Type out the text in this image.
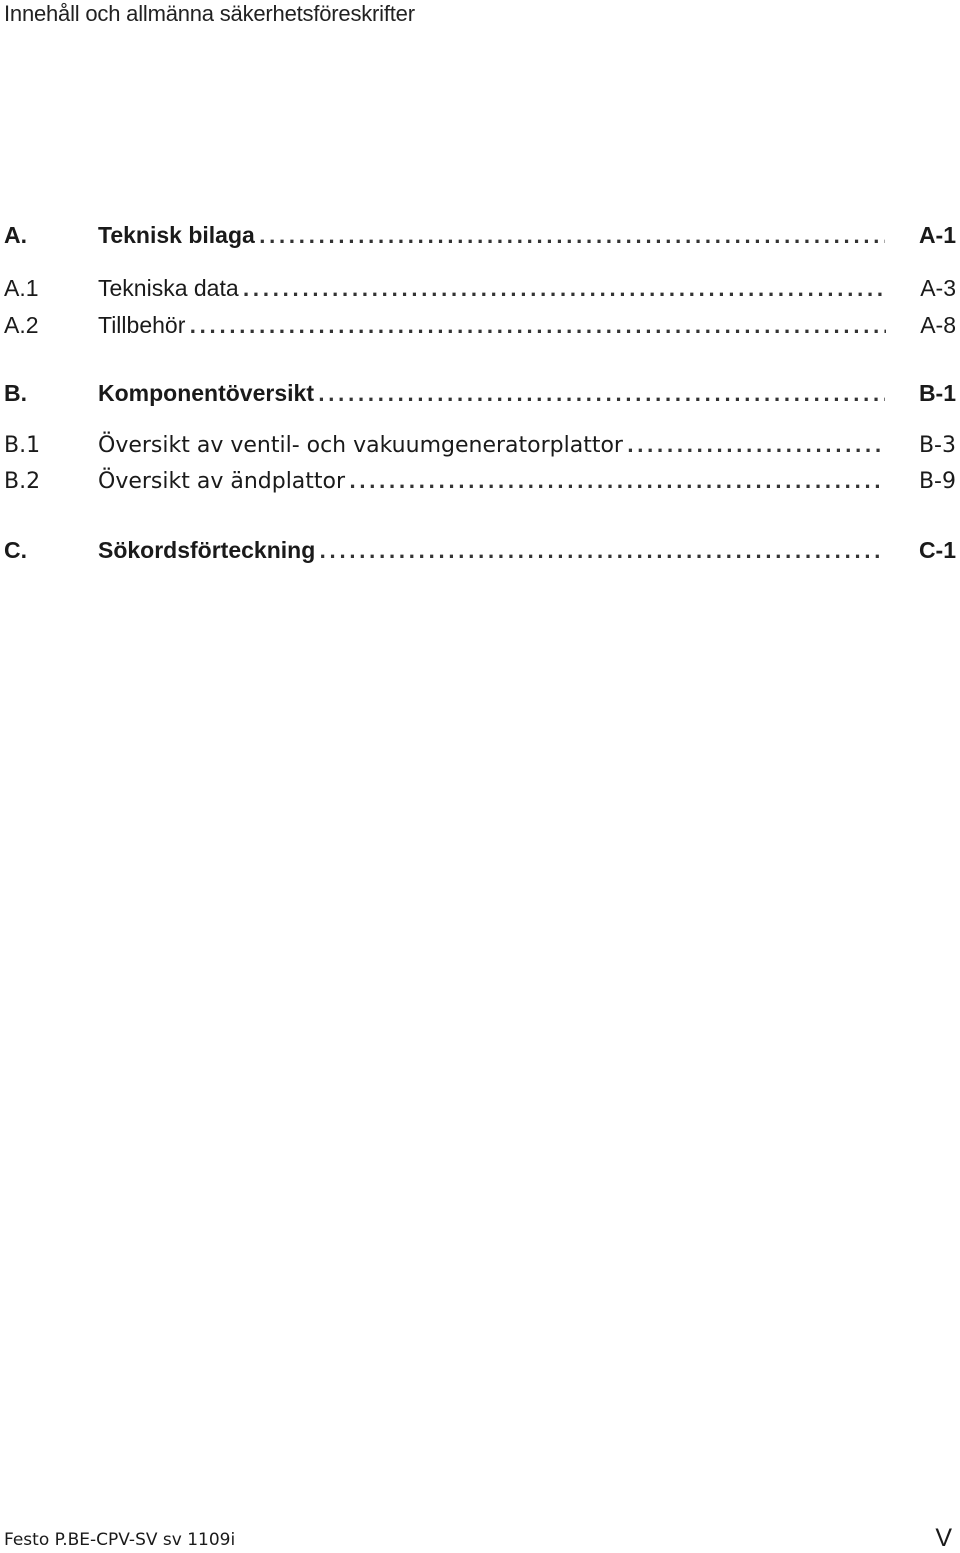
Innehåll och allmänna säkerhetsföreskrifter
A.	Teknisk bilaga . . .	A-1
A.1	Tekniska data . . .	A-3
A.2	Tillbehör . . .	A-8
B.	Komponentöversikt . . .	B-1
B.1	Översikt av ventil- och vakuumgeneratorplattor . . .	B-3
B.2	Översikt av ändplattor . . .	B-9
C.	Sökordsförteckning . . .	C-1
Festo P.BE-CPV-SV sv 1109i	V
